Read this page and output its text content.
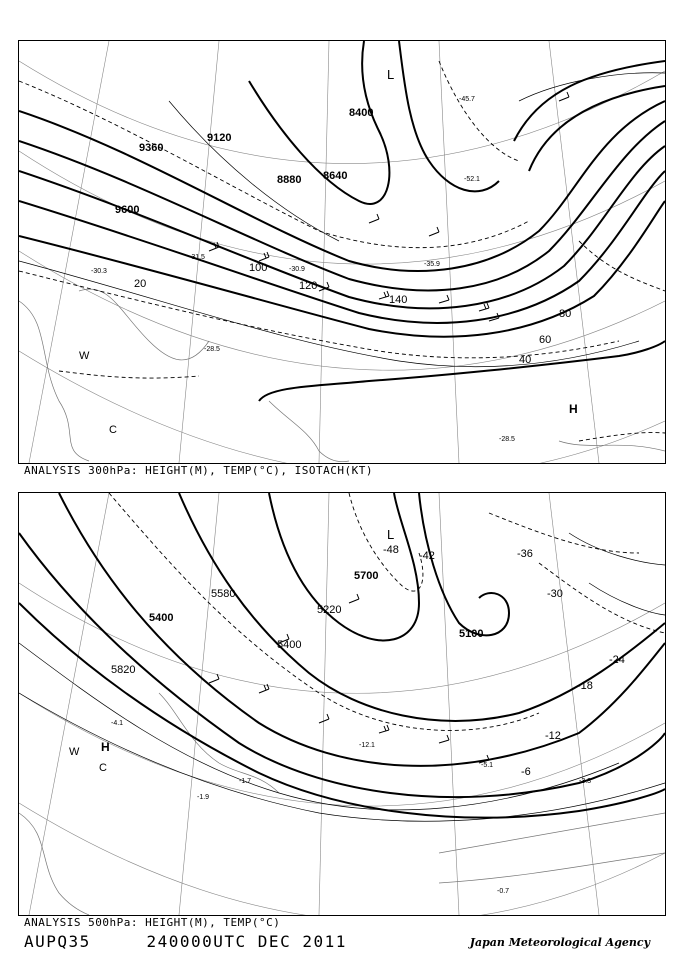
9600
9360
9120
8880 8640
8400
20
40
60
80
100
120
140
-30.3
-31.5
-30.9
-35.9
-45.7
-52.1
-28.5
-28.5
L
H
W
C
ANALYSIS 300hPa: HEIGHT(M), TEMP(°C), ISOTACH(KT)
5820
5580
5400
5220
5100
5400
5700
-48 -42	-36
-30
-24
-18
-12
-6
-3.3
-4.1
-1.9
-1.7
-0.7
-5.1
-12.1
H
W
C
L
ANALYSIS 500hPa: HEIGHT(M), TEMP(°C)
AUPQ35	240000UTC DEC 2011	Japan Meteorological Agency
